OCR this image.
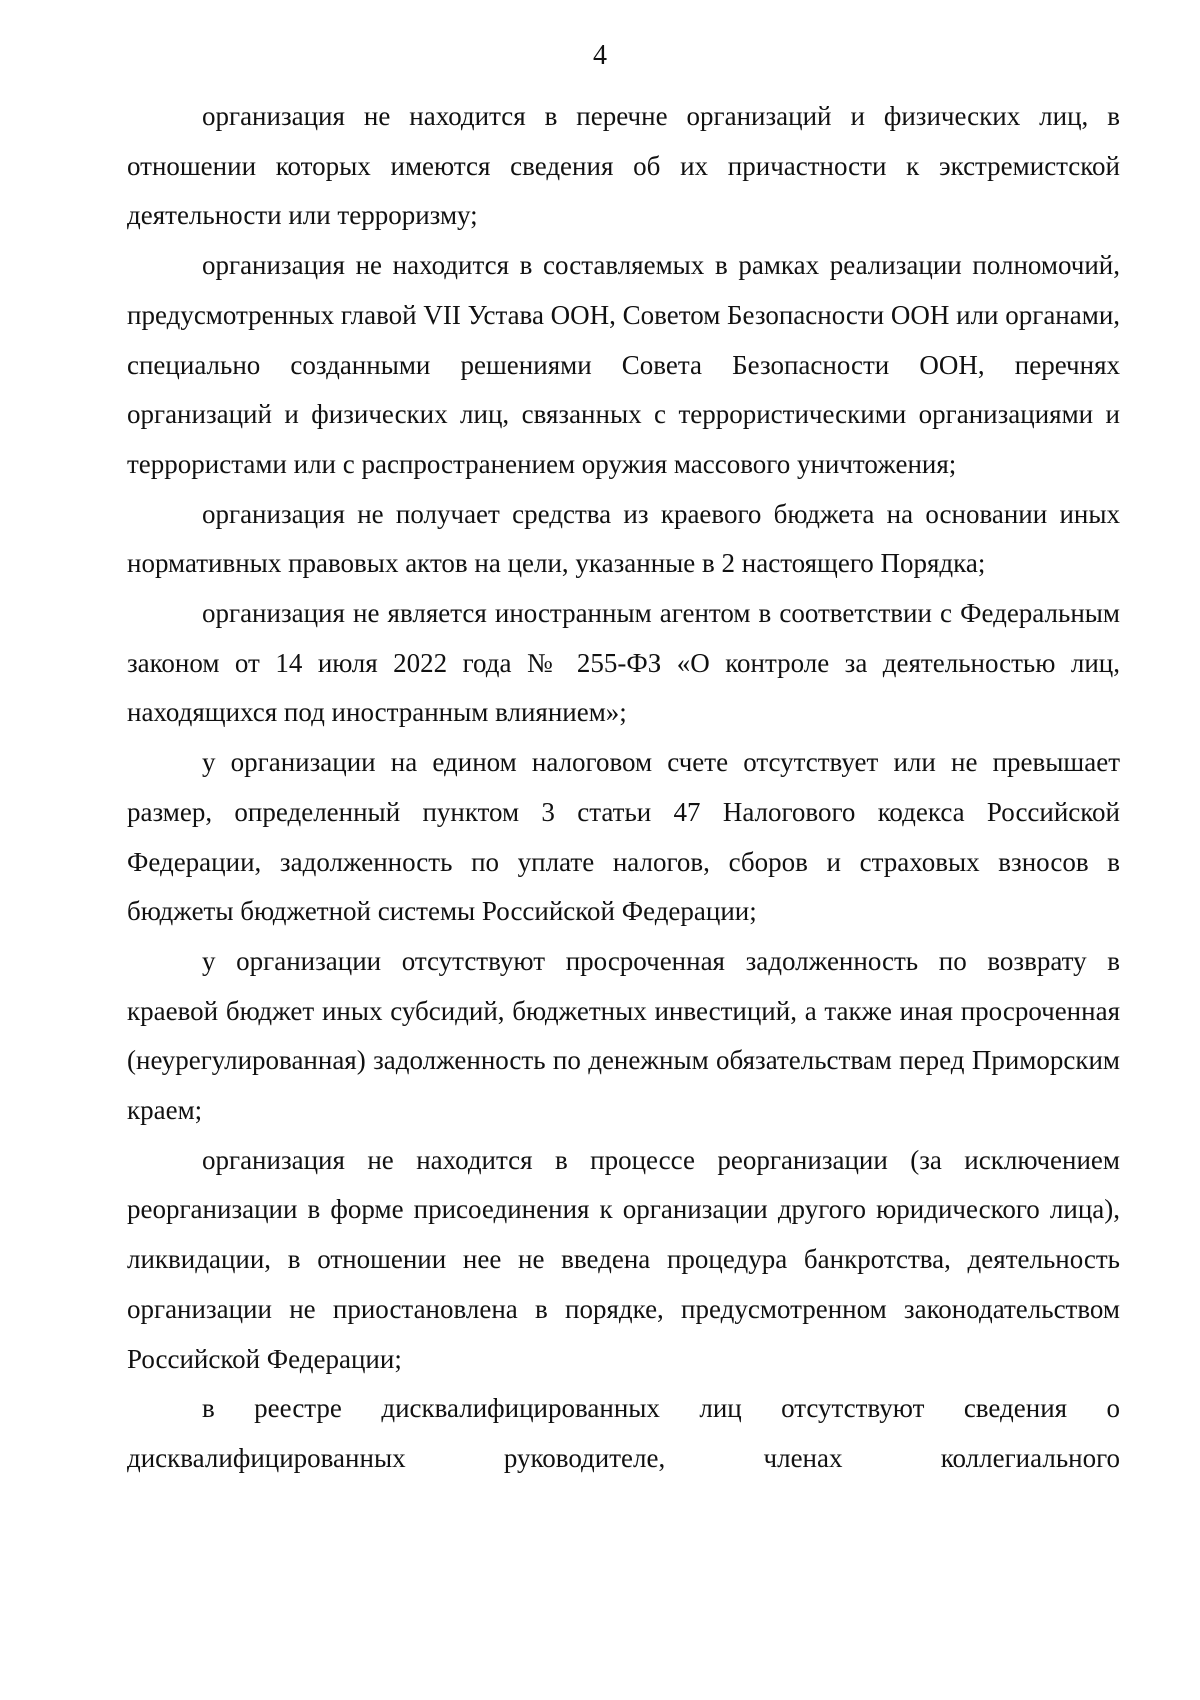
4

организация не находится в перечне организаций и физических лиц, в отношении которых имеются сведения об их причастности к экстремистской деятельности или терроризму;

организация не находится в составляемых в рамках реализации полномочий, предусмотренных главой VII Устава ООН, Советом Безопасности ООН или органами, специально созданными решениями Совета Безопасности ООН, перечнях организаций и физических лиц, связанных с террористическими организациями и террористами или с распространением оружия массового уничтожения;

организация не получает средства из краевого бюджета на основании иных нормативных правовых актов на цели, указанные в 2 настоящего Порядка;

организация не является иностранным агентом в соответствии с Федеральным законом от 14 июля 2022 года № 255-ФЗ «О контроле за деятельностью лиц, находящихся под иностранным влиянием»;

у организации на едином налоговом счете отсутствует или не превышает размер, определенный пунктом 3 статьи 47 Налогового кодекса Российской Федерации, задолженность по уплате налогов, сборов и страховых взносов в бюджеты бюджетной системы Российской Федерации;

у организации отсутствуют просроченная задолженность по возврату в краевой бюджет иных субсидий, бюджетных инвестиций, а также иная просроченная (неурегулированная) задолженность по денежным обязательствам перед Приморским краем;

организация не находится в процессе реорганизации (за исключением реорганизации в форме присоединения к организации другого юридического лица), ликвидации, в отношении нее не введена процедура банкротства, деятельность организации не приостановлена в порядке, предусмотренном законодательством Российской Федерации;

в реестре дисквалифицированных лиц отсутствуют сведения о дисквалифицированных руководителе, членах коллегиального
